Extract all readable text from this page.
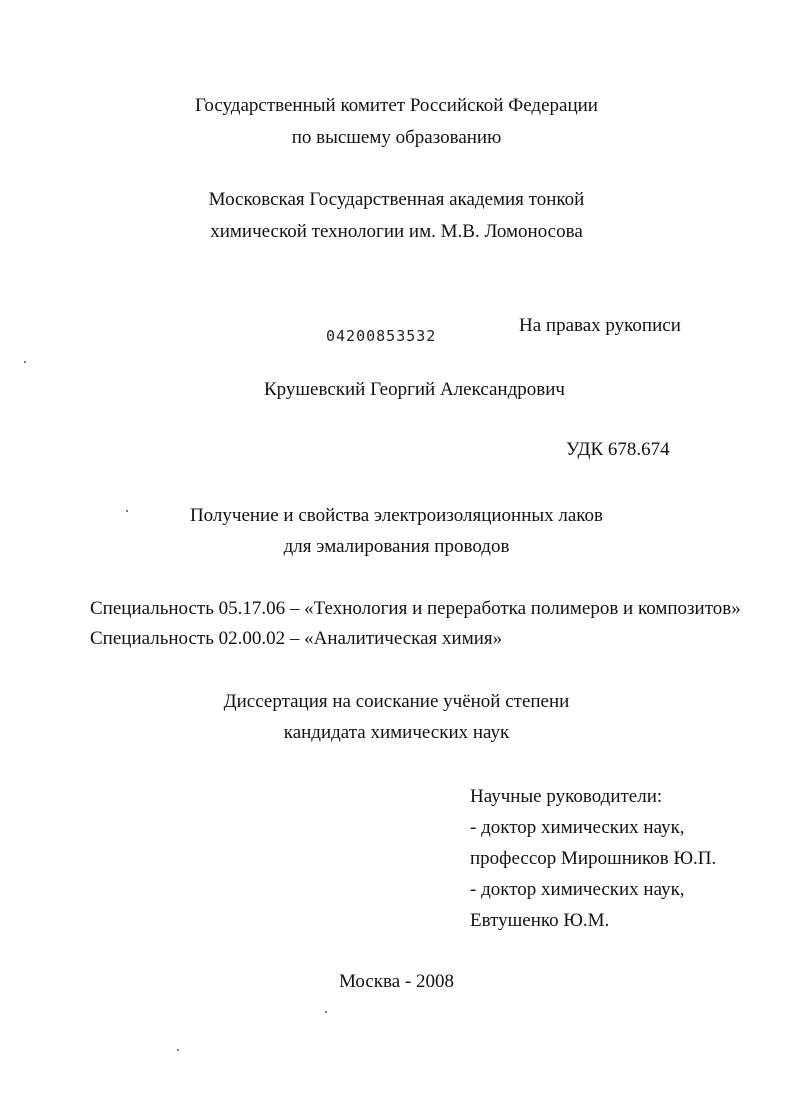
Государственный комитет Российской Федерации
по высшему образованию
Московская Государственная академия тонкой
химической технологии им. М.В. Ломоносова
04200853532	На правах рукописи
Крушевский Георгий Александрович
УДК 678.674
Получение и свойства электроизоляционных лаков
для эмалирования проводов
Специальность 05.17.06 – «Технология и переработка полимеров и композитов»
Специальность 02.00.02 – «Аналитическая химия»
Диссертация на соискание учёной степени
кандидата химических наук
Научные руководители:
- доктор химических наук,
профессор Мирошников Ю.П.
- доктор химических наук,
Евтушенко Ю.М.
Москва - 2008
